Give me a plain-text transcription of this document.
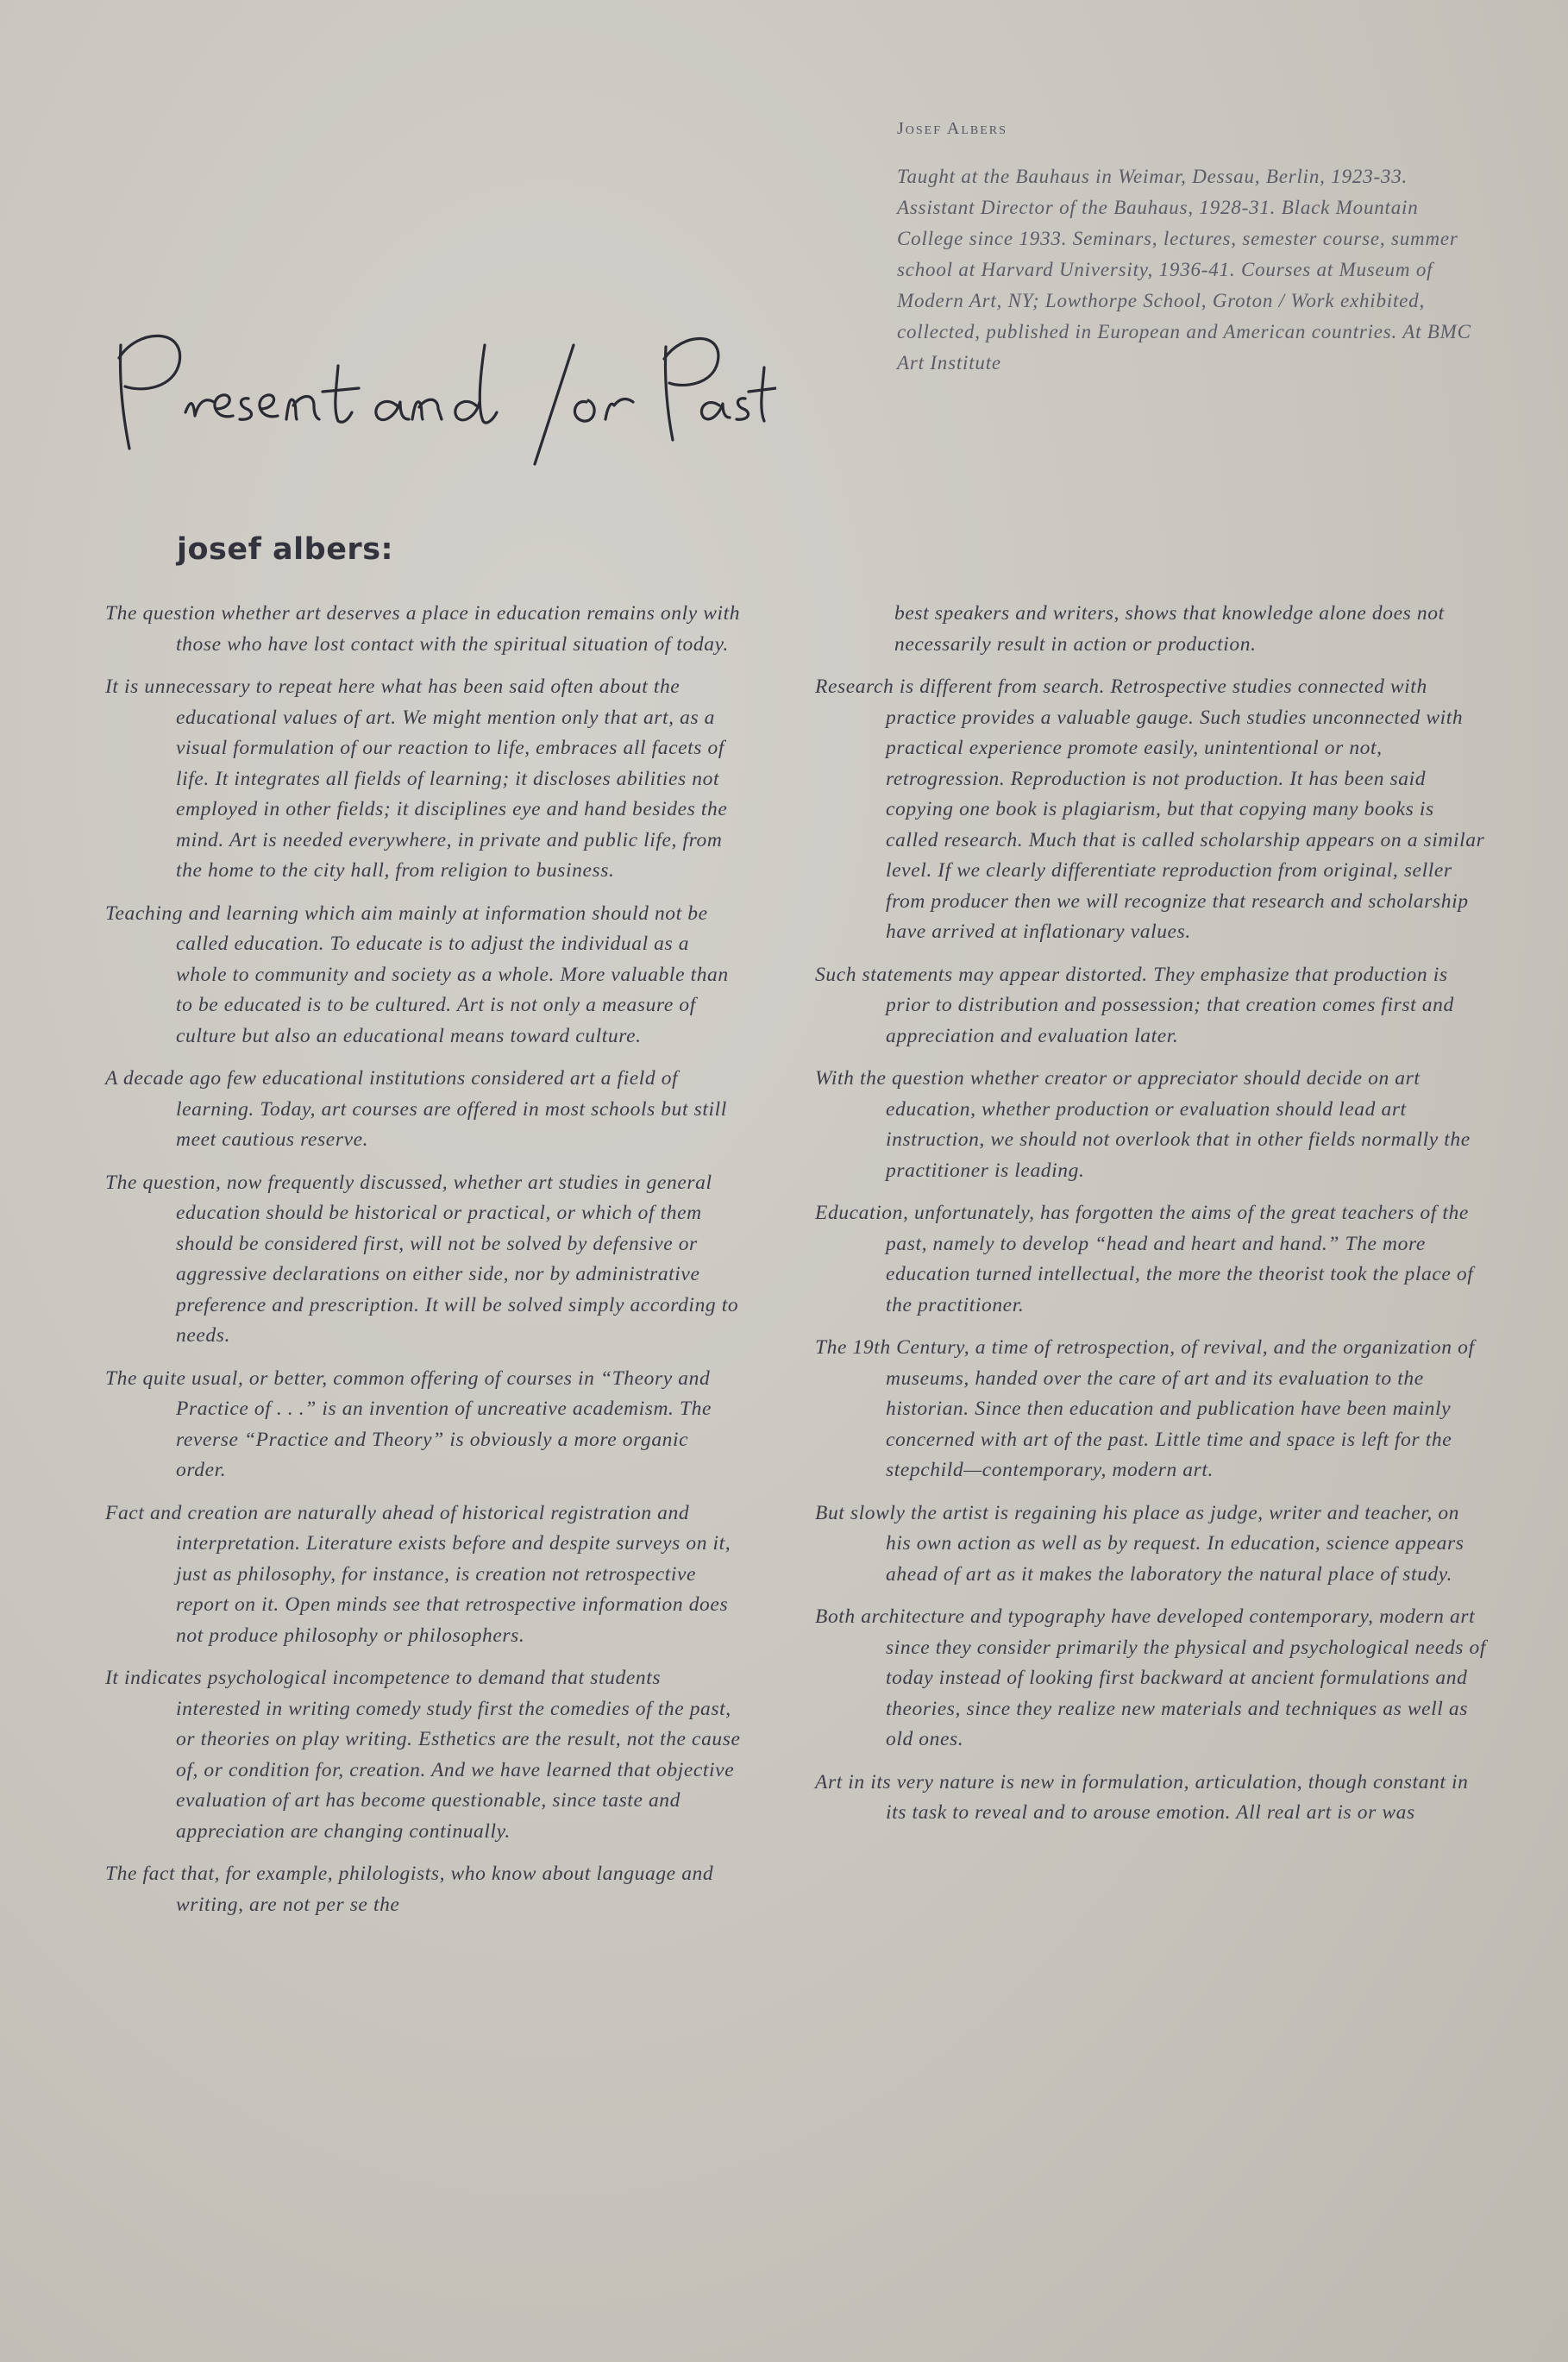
Josef Albers

Taught at the Bauhaus in Weimar, Dessau, Berlin, 1923-33. Assistant Director of the Bauhaus, 1928-31. Black Mountain College since 1933. Seminars, lectures, semester course, summer school at Harvard University, 1936-41. Courses at Museum of Modern Art, NY; Lowthorpe School, Groton / Work exhibited, collected, published in European and American countries. At BMC Art Institute

josef albers:

The question whether art deserves a place in education remains only with those who have lost contact with the spiritual situation of today.

It is unnecessary to repeat here what has been said often about the educational values of art. We might mention only that art, as a visual formulation of our reaction to life, embraces all facets of life. It integrates all fields of learning; it discloses abilities not employed in other fields; it disciplines eye and hand besides the mind. Art is needed everywhere, in private and public life, from the home to the city hall, from religion to business.

Teaching and learning which aim mainly at information should not be called education. To educate is to adjust the individual as a whole to community and society as a whole. More valuable than to be educated is to be cultured. Art is not only a measure of culture but also an educational means toward culture.

A decade ago few educational institutions considered art a field of learning. Today, art courses are offered in most schools but still meet cautious reserve.

The question, now frequently discussed, whether art studies in general education should be historical or practical, or which of them should be considered first, will not be solved by defensive or aggressive declarations on either side, nor by administrative preference and prescription. It will be solved simply according to needs.

The quite usual, or better, common offering of courses in “Theory and Practice of . . .” is an invention of uncreative academism. The reverse “Practice and Theory” is obviously a more organic order.

Fact and creation are naturally ahead of historical registration and interpretation. Literature exists before and despite surveys on it, just as philosophy, for instance, is creation not retrospective report on it. Open minds see that retrospective information does not produce philosophy or philosophers.

It indicates psychological incompetence to demand that students interested in writing comedy study first the comedies of the past, or theories on play writing. Esthetics are the result, not the cause of, or condition for, creation. And we have learned that objective evaluation of art has become questionable, since taste and appreciation are changing continually.

The fact that, for example, philologists, who know about language and writing, are not per se the

best speakers and writers, shows that knowledge alone does not necessarily result in action or production.

Research is different from search. Retrospective studies connected with practice provides a valuable gauge. Such studies unconnected with practical experience promote easily, unintentional or not, retrogression. Reproduction is not production. It has been said copying one book is plagiarism, but that copying many books is called research. Much that is called scholarship appears on a similar level. If we clearly differentiate reproduction from original, seller from producer then we will recognize that research and scholarship have arrived at inflationary values.

Such statements may appear distorted. They emphasize that production is prior to distribution and possession; that creation comes first and appreciation and evaluation later.

With the question whether creator or appreciator should decide on art education, whether production or evaluation should lead art instruction, we should not overlook that in other fields normally the practitioner is leading.

Education, unfortunately, has forgotten the aims of the great teachers of the past, namely to develop “head and heart and hand.” The more education turned intellectual, the more the theorist took the place of the practitioner.

The 19th Century, a time of retrospection, of revival, and the organization of museums, handed over the care of art and its evaluation to the historian. Since then education and publication have been mainly concerned with art of the past. Little time and space is left for the stepchild—contemporary, modern art.

But slowly the artist is regaining his place as judge, writer and teacher, on his own action as well as by request. In education, science appears ahead of art as it makes the laboratory the natural place of study.

Both architecture and typography have developed contemporary, modern art since they consider primarily the physical and psychological needs of today instead of looking first backward at ancient formulations and theories, since they realize new materials and techniques as well as old ones.

Art in its very nature is new in formulation, articulation, though constant in its task to reveal and to arouse emotion. All real art is or was
